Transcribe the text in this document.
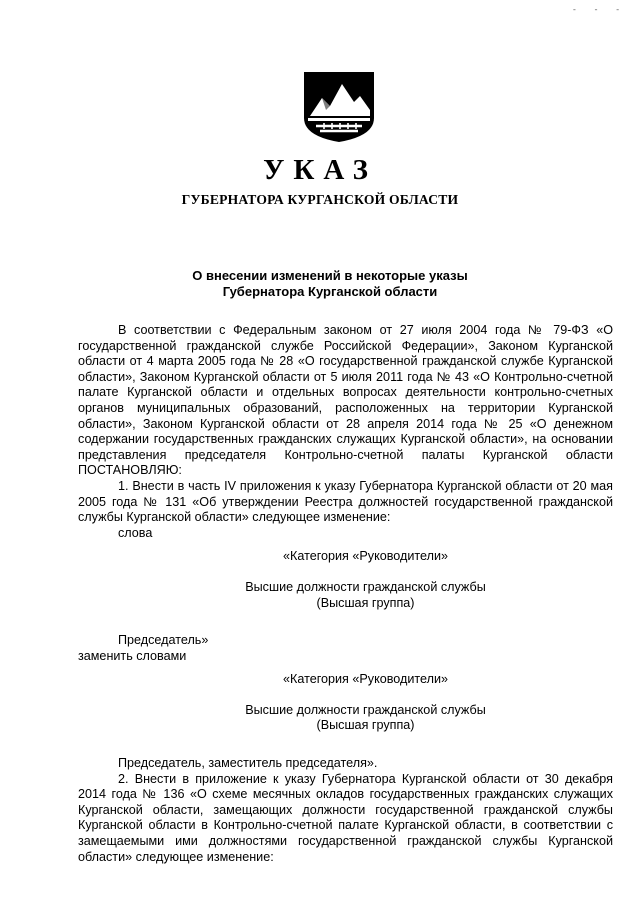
- - -
УКАЗ
ГУБЕРНАТОРА КУРГАНСКОЙ ОБЛАСТИ
О внесении изменений в некоторые указы
Губернатора Курганской области

В соответствии с Федеральным законом от 27 июля 2004 года № 79-ФЗ «О государственной гражданской службе Российской Федерации», Законом Курганской области от 4 марта 2005 года № 28 «О государственной гражданской службе Курганской области», Законом Курганской области от 5 июля 2011 года № 43 «О Контрольно-счетной палате Курганской области и отдельных вопросах деятельности контрольно-счетных органов муниципальных образований, расположенных на территории Курганской области», Законом Курганской области от 28 апреля 2014 года № 25 «О денежном содержании государственных гражданских служащих Курганской области», на основании представления председателя Контрольно-счетной палаты Курганской области ПОСТАНОВЛЯЮ:

1. Внести в часть IV приложения к указу Губернатора Курганской области от 20 мая 2005 года № 131 «Об утверждении Реестра должностей государственной гражданской службы Курганской области» следующее изменение:

слова

«Категория «Руководители»

Высшие должности гражданской службы

(Высшая группа)

Председатель»

заменить словами

«Категория «Руководители»

Высшие должности гражданской службы

(Высшая группа)

Председатель, заместитель председателя».

2. Внести в приложение к указу Губернатора Курганской области от 30 декабря 2014 года № 136 «О схеме месячных окладов государственных гражданских служащих Курганской области, замещающих должности государственной гражданской службы Курганской области в Контрольно-счетной палате Курганской области, в соответствии с замещаемыми ими должностями государственной гражданской службы Курганской области» следующее изменение:
